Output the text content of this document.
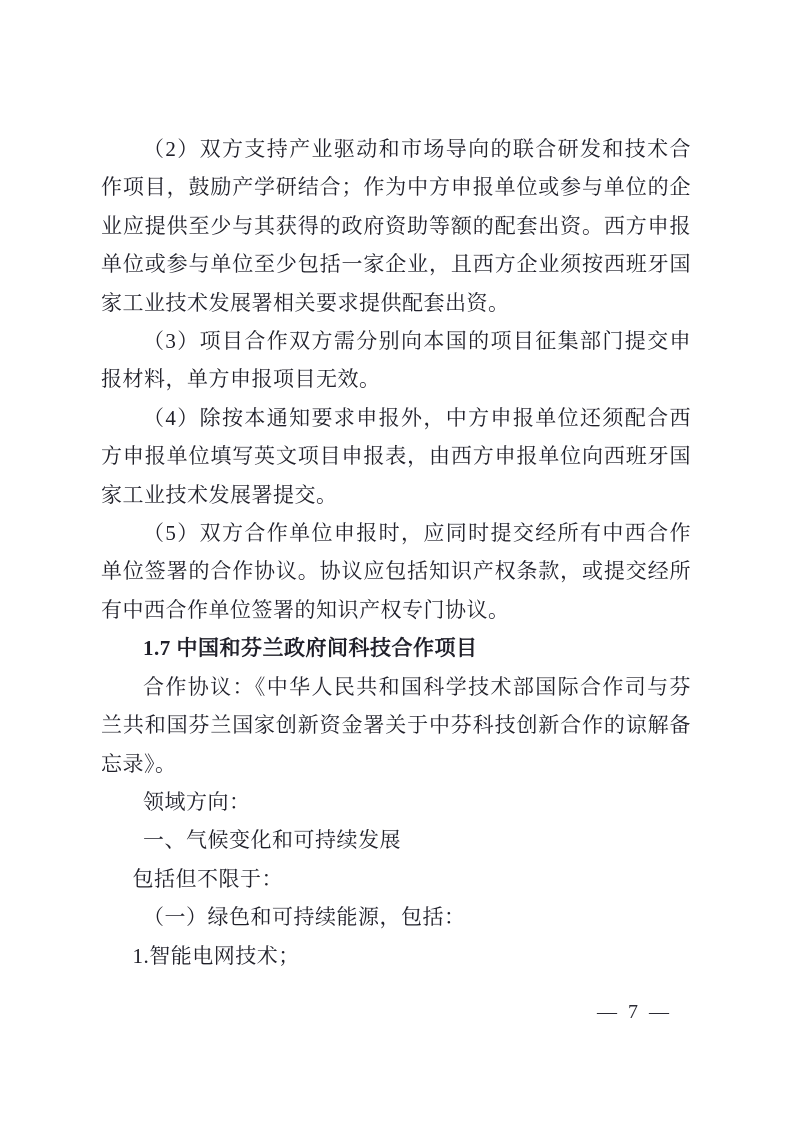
（2）双方支持产业驱动和市场导向的联合研发和技术合作项目，鼓励产学研结合；作为中方申报单位或参与单位的企业应提供至少与其获得的政府资助等额的配套出资。西方申报单位或参与单位至少包括一家企业，且西方企业须按西班牙国家工业技术发展署相关要求提供配套出资。

（3）项目合作双方需分别向本国的项目征集部门提交申报材料，单方申报项目无效。

（4）除按本通知要求申报外，中方申报单位还须配合西方申报单位填写英文项目申报表，由西方申报单位向西班牙国家工业技术发展署提交。

（5）双方合作单位申报时，应同时提交经所有中西合作单位签署的合作协议。协议应包括知识产权条款，或提交经所有中西合作单位签署的知识产权专门协议。

1.7 中国和芬兰政府间科技合作项目

合作协议：《中华人民共和国科学技术部国际合作司与芬兰共和国芬兰国家创新资金署关于中芬科技创新合作的谅解备忘录》。

领域方向：

一、气候变化和可持续发展

包括但不限于：

（一）绿色和可持续能源，包括：

1.智能电网技术；

— 7 —
